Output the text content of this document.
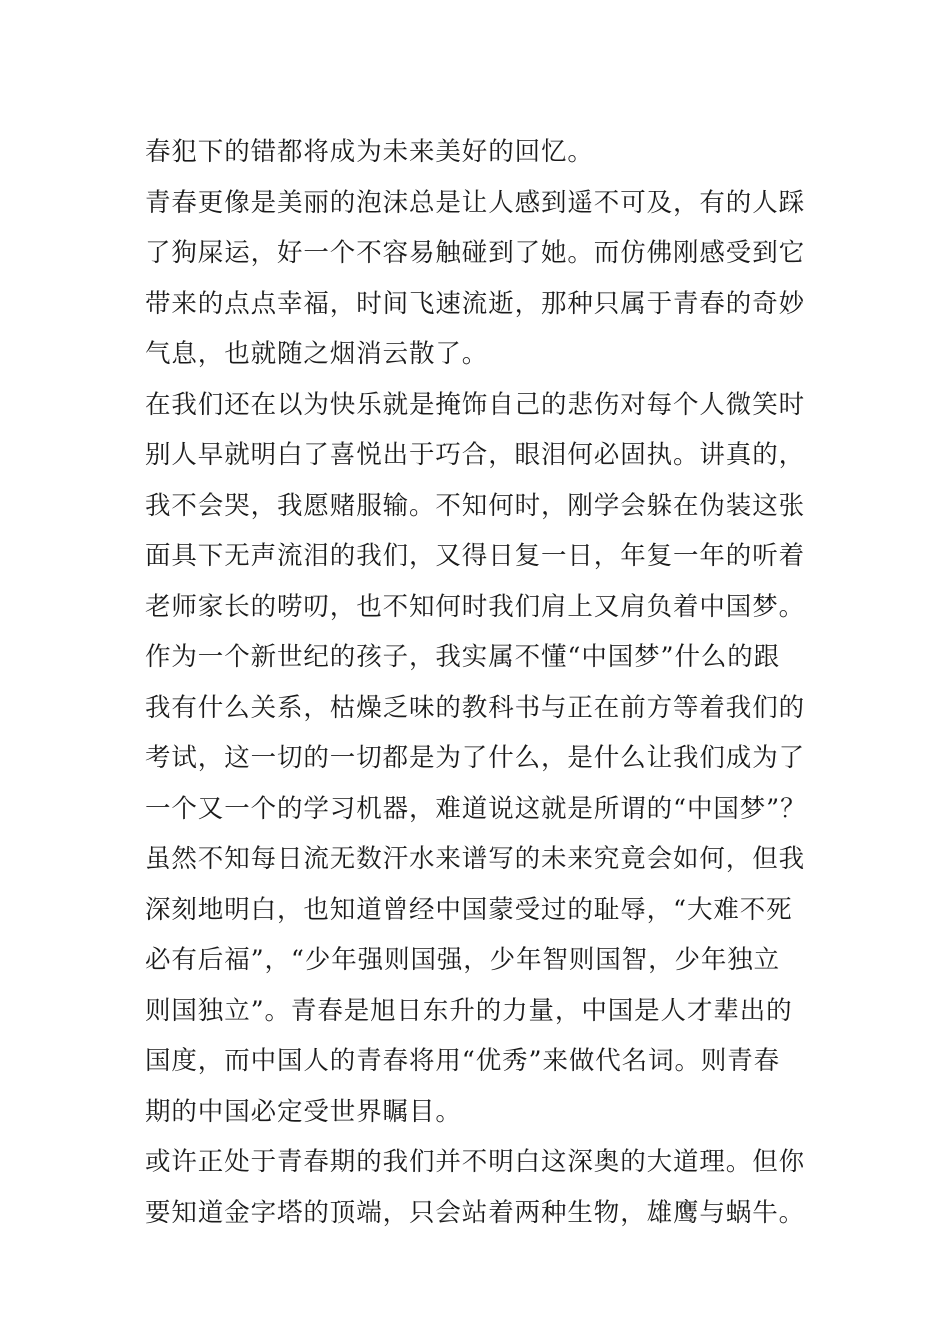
春犯下的错都将成为未来美好的回忆。
青春更像是美丽的泡沫总是让人感到遥不可及，有的人踩
了狗屎运，好一个不容易触碰到了她。而仿佛刚感受到它
带来的点点幸福，时间飞速流逝，那种只属于青春的奇妙
气息，也就随之烟消云散了。
在我们还在以为快乐就是掩饰自己的悲伤对每个人微笑时
别人早就明白了喜悦出于巧合，眼泪何必固执。讲真的，
我不会哭，我愿赌服输。不知何时，刚学会躲在伪装这张
面具下无声流泪的我们，又得日复一日，年复一年的听着
老师家长的唠叨，也不知何时我们肩上又肩负着中国梦。
作为一个新世纪的孩子，我实属不懂“中国梦”什么的跟
我有什么关系，枯燥乏味的教科书与正在前方等着我们的
考试，这一切的一切都是为了什么，是什么让我们成为了
一个又一个的学习机器，难道说这就是所谓的“中国梦”？
虽然不知每日流无数汗水来谱写的未来究竟会如何，但我
深刻地明白，也知道曾经中国蒙受过的耻辱，“大难不死
必有后福”，“少年强则国强，少年智则国智，少年独立
则国独立”。青春是旭日东升的力量，中国是人才辈出的
国度，而中国人的青春将用“优秀”来做代名词。则青春
期的中国必定受世界瞩目。
或许正处于青春期的我们并不明白这深奥的大道理。但你
要知道金字塔的顶端，只会站着两种生物，雄鹰与蜗牛。
